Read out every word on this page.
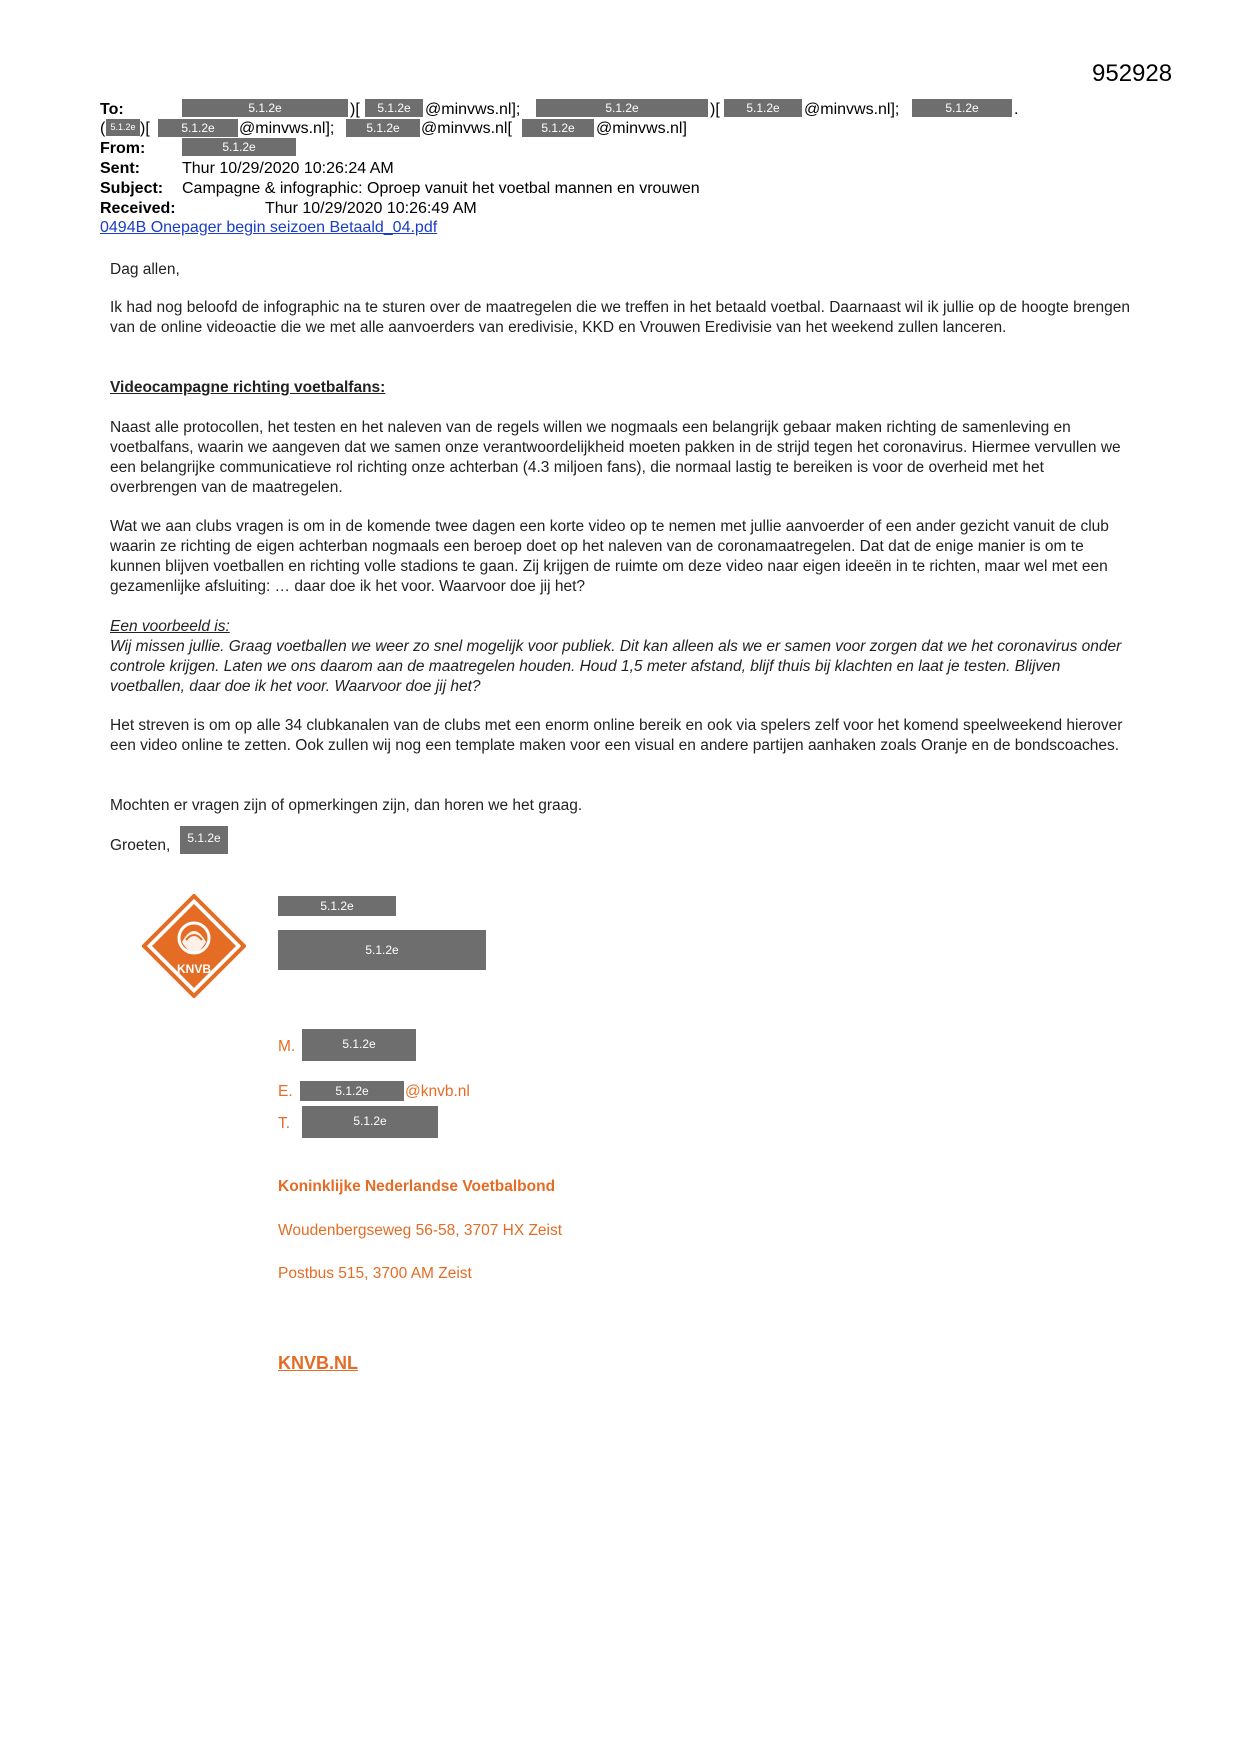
952928
To:	5.1.2e	)[	5.1.2e @minvws.nl];	5.1.2e	)[	5.1.2e	@minvws.nl];	5.1.2e	.
( 5.1.2e )[	5.1.2e	@minvws.nl];	5.1.2e	@minvws.nl[	5.1.2e	@minvws.nl]
From:	5.1.2e
Sent:	Thur 10/29/2020 10:26:24 AM
Subject: Campagne & infographic: Oproep vanuit het voetbal mannen en vrouwen
Received:	Thur 10/29/2020 10:26:49 AM
0494B Onepager begin seizoen Betaald_04.pdf
Dag allen,
Ik had nog beloofd de infographic na te sturen over de maatregelen die we treffen in het betaald voetbal. Daarnaast wil ik jullie op de hoogte brengen van de online videoactie die we met alle aanvoerders van eredivisie, KKD en Vrouwen Eredivisie van het weekend zullen lanceren.
Videocampagne richting voetbalfans:
Naast alle protocollen, het testen en het naleven van de regels willen we nogmaals een belangrijk gebaar maken richting de samenleving en voetbalfans, waarin we aangeven dat we samen onze verantwoordelijkheid moeten pakken in de strijd tegen het coronavirus. Hiermee vervullen we een belangrijke communicatieve rol richting onze achterban (4.3 miljoen fans), die normaal lastig te bereiken is voor de overheid met het overbrengen van de maatregelen.
Wat we aan clubs vragen is om in de komende twee dagen een korte video op te nemen met jullie aanvoerder of een ander gezicht vanuit de club waarin ze richting de eigen achterban nogmaals een beroep doet op het naleven van de coronamaatregelen. Dat dat de enige manier is om te kunnen blijven voetballen en richting volle stadions te gaan. Zij krijgen de ruimte om deze video naar eigen ideeën in te richten, maar wel met een gezamenlijke afsluiting: … daar doe ik het voor. Waarvoor doe jij het?
Een voorbeeld is:
Wij missen jullie. Graag voetballen we weer zo snel mogelijk voor publiek. Dit kan alleen als we er samen voor zorgen dat we het coronavirus onder controle krijgen. Laten we ons daarom aan de maatregelen houden. Houd 1,5 meter afstand, blijf thuis bij klachten en laat je testen. Blijven voetballen, daar doe ik het voor. Waarvoor doe jij het?
Het streven is om op alle 34 clubkanalen van de clubs met een enorm online bereik en ook via spelers zelf voor het komend speelweekend hierover een video online te zetten. Ook zullen wij nog een template maken voor een visual en andere partijen aanhaken zoals Oranje en de bondscoaches.
Mochten er vragen zijn of opmerkingen zijn, dan horen we het graag.
Groeten,	5.1.2e
KNVB
5.1.2e
5.1.2e
M.	5.1.2e
E.	5.1.2e	@knvb.nl
T.	5.1.2e
Koninklijke Nederlandse Voetbalbond
Woudenbergseweg 56-58, 3707 HX Zeist
Postbus 515, 3700 AM Zeist
KNVB.NL
